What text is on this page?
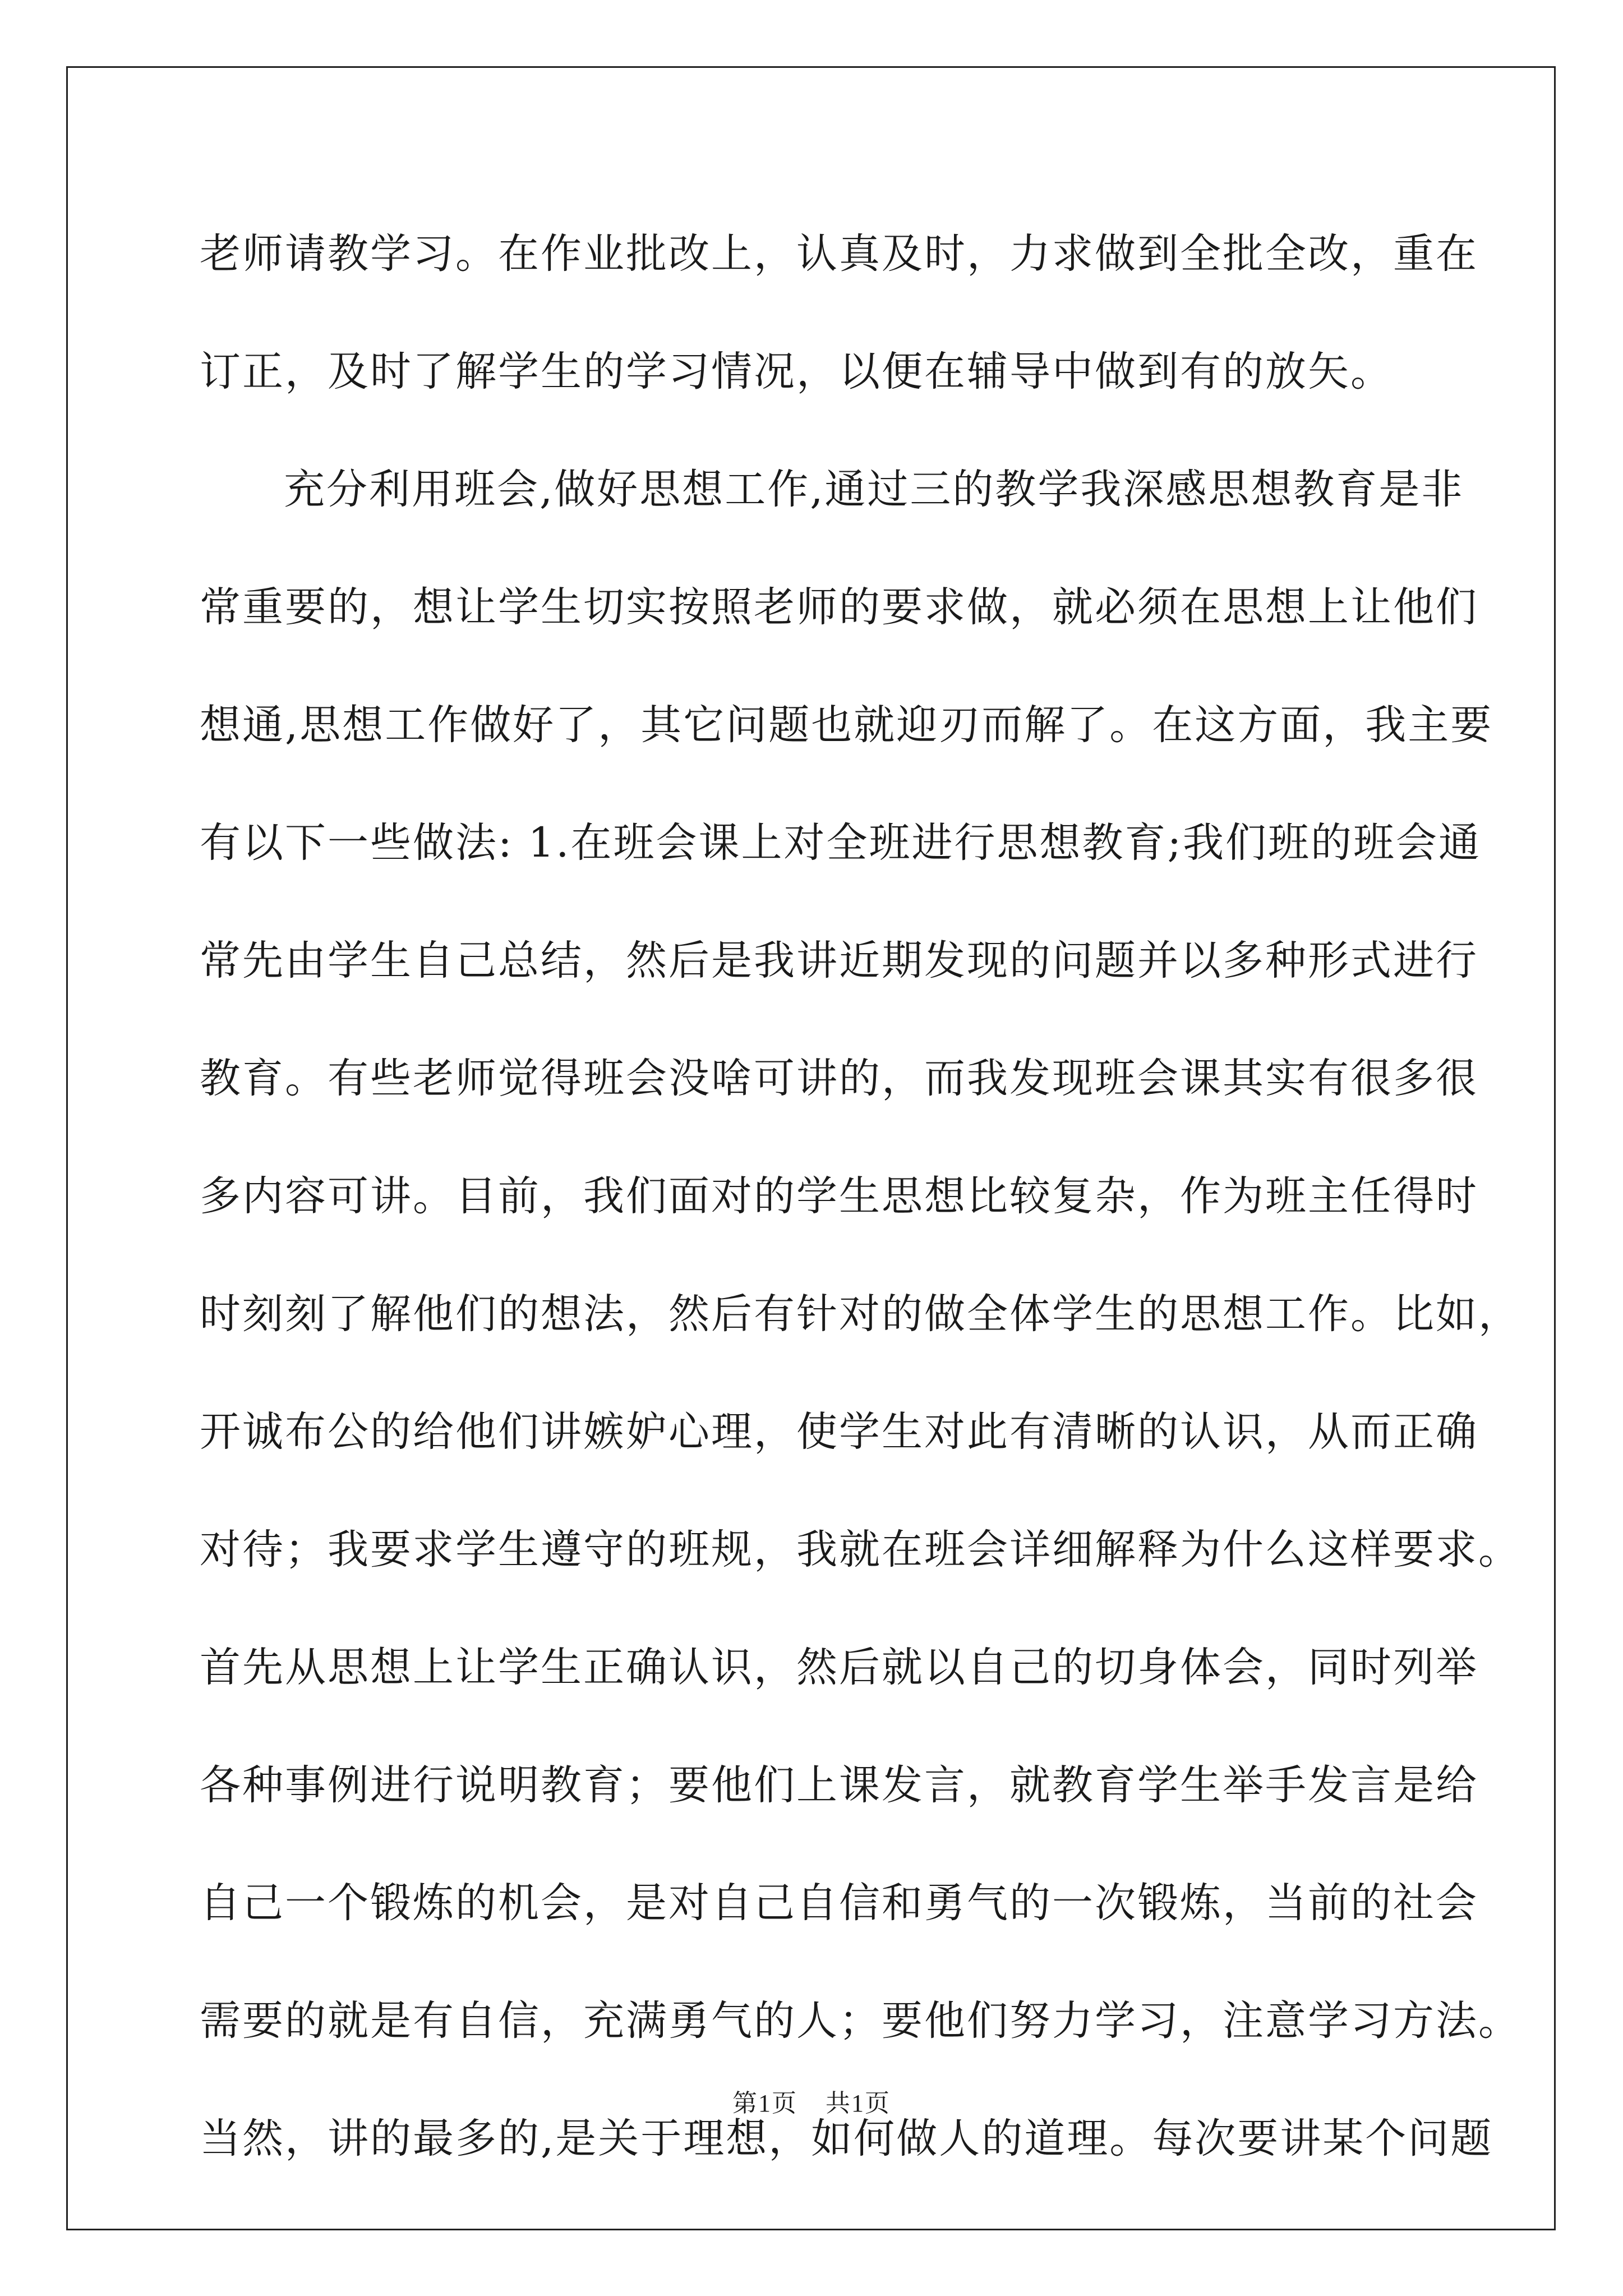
老师请教学习。在作业批改上，认真及时，力求做到全批全改，重在
订正，及时了解学生的学习情况，以便在辅导中做到有的放矢。
充分利用班会,做好思想工作,通过三的教学我深感思想教育是非
常重要的，想让学生切实按照老师的要求做，就必须在思想上让他们
想通,思想工作做好了，其它问题也就迎刃而解了。在这方面，我主要
有以下一些做法: 1.在班会课上对全班进行思想教育;我们班的班会通
常先由学生自己总结，然后是我讲近期发现的问题并以多种形式进行
教育。有些老师觉得班会没啥可讲的，而我发现班会课其实有很多很
多内容可讲。目前，我们面对的学生思想比较复杂，作为班主任得时
时刻刻了解他们的想法，然后有针对的做全体学生的思想工作。比如，
开诚布公的给他们讲嫉妒心理，使学生对此有清晰的认识，从而正确
对待；我要求学生遵守的班规，我就在班会详细解释为什么这样要求。
首先从思想上让学生正确认识，然后就以自己的切身体会，同时列举
各种事例进行说明教育；要他们上课发言，就教育学生举手发言是给
自己一个锻炼的机会，是对自己自信和勇气的一次锻炼，当前的社会
需要的就是有自信，充满勇气的人；要他们努力学习，注意学习方法。
当然，讲的最多的,是关于理想，如何做人的道理。每次要讲某个问题
第1页 共1页
